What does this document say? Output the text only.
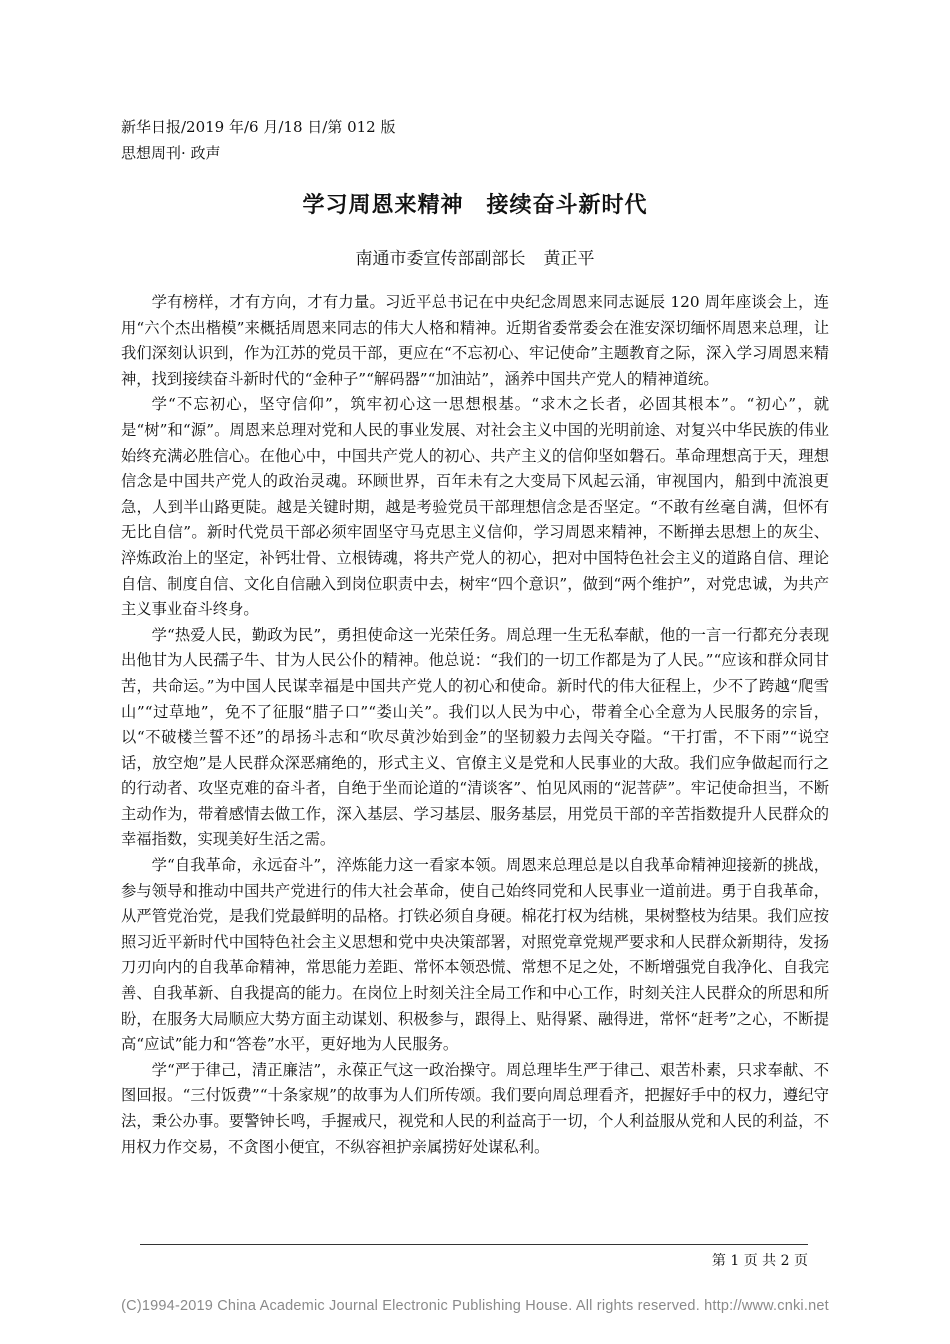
新华日报/2019 年/6 月/18 日/第 012 版
思想周刊· 政声
学习周恩来精神　接续奋斗新时代
南通市委宣传部副部长 黄正平

学有榜样，才有方向，才有力量。习近平总书记在中央纪念周恩来同志诞辰 120 周年座谈会上，连用“六个杰出楷模”来概括周恩来同志的伟大人格和精神。近期省委常委会在淮安深切缅怀周恩来总理，让我们深刻认识到，作为江苏的党员干部，更应在“不忘初心、牢记使命”主题教育之际，深入学习周恩来精神，找到接续奋斗新时代的“金种子”“解码器”“加油站”，涵养中国共产党人的精神道统。

学“不忘初心，坚守信仰”，筑牢初心这一思想根基。“求木之长者，必固其根本”。“初心”，就是“树”和“源”。周恩来总理对党和人民的事业发展、对社会主义中国的光明前途、对复兴中华民族的伟业始终充满必胜信心。在他心中，中国共产党人的初心、共产主义的信仰坚如磐石。革命理想高于天，理想信念是中国共产党人的政治灵魂。环顾世界，百年未有之大变局下风起云涌，审视国内，船到中流浪更急，人到半山路更陡。越是关键时期，越是考验党员干部理想信念是否坚定。“不敢有丝毫自满，但怀有无比自信”。新时代党员干部必须牢固坚守马克思主义信仰，学习周恩来精神，不断掸去思想上的灰尘、淬炼政治上的坚定，补钙壮骨、立根铸魂，将共产党人的初心，把对中国特色社会主义的道路自信、理论自信、制度自信、文化自信融入到岗位职责中去，树牢“四个意识”，做到“两个维护”，对党忠诚，为共产主义事业奋斗终身。

学“热爱人民，勤政为民”，勇担使命这一光荣任务。周总理一生无私奉献，他的一言一行都充分表现出他甘为人民孺子牛、甘为人民公仆的精神。他总说：“我们的一切工作都是为了人民。”“应该和群众同甘苦，共命运。”为中国人民谋幸福是中国共产党人的初心和使命。新时代的伟大征程上，少不了跨越“爬雪山”“过草地”，免不了征服“腊子口”“娄山关”。我们以人民为中心，带着全心全意为人民服务的宗旨，以“不破楼兰誓不还”的昂扬斗志和“吹尽黄沙始到金”的坚韧毅力去闯关夺隘。“干打雷，不下雨”“说空话，放空炮”是人民群众深恶痛绝的，形式主义、官僚主义是党和人民事业的大敌。我们应争做起而行之的行动者、攻坚克难的奋斗者，自绝于坐而论道的“清谈客”、怕见风雨的“泥菩萨”。牢记使命担当，不断主动作为，带着感情去做工作，深入基层、学习基层、服务基层，用党员干部的辛苦指数提升人民群众的幸福指数，实现美好生活之需。

学“自我革命，永远奋斗”，淬炼能力这一看家本领。周恩来总理总是以自我革命精神迎接新的挑战，参与领导和推动中国共产党进行的伟大社会革命，使自己始终同党和人民事业一道前进。勇于自我革命，从严管党治党，是我们党最鲜明的品格。打铁必须自身硬。棉花打权为结桃，果树整枝为结果。我们应按照习近平新时代中国特色社会主义思想和党中央决策部署，对照党章党规严要求和人民群众新期待，发扬刀刃向内的自我革命精神，常思能力差距、常怀本领恐慌、常想不足之处，不断增强党自我净化、自我完善、自我革新、自我提高的能力。在岗位上时刻关注全局工作和中心工作，时刻关注人民群众的所思和所盼，在服务大局顺应大势方面主动谋划、积极参与，跟得上、贴得紧、融得进，常怀“赶考”之心，不断提高“应试”能力和“答卷”水平，更好地为人民服务。

学“严于律己，清正廉洁”，永葆正气这一政治操守。周总理毕生严于律己、艰苦朴素，只求奉献、不图回报。“三付饭费”“十条家规”的故事为人们所传颂。我们要向周总理看齐，把握好手中的权力，遵纪守法，秉公办事。要警钟长鸣，手握戒尺，视党和人民的利益高于一切，个人利益服从党和人民的利益，不用权力作交易，不贪图小便宜，不纵容袒护亲属捞好处谋私利。

第 1 页 共 2 页
(C)1994-2019 China Academic Journal Electronic Publishing House. All rights reserved. http://www.cnki.net
